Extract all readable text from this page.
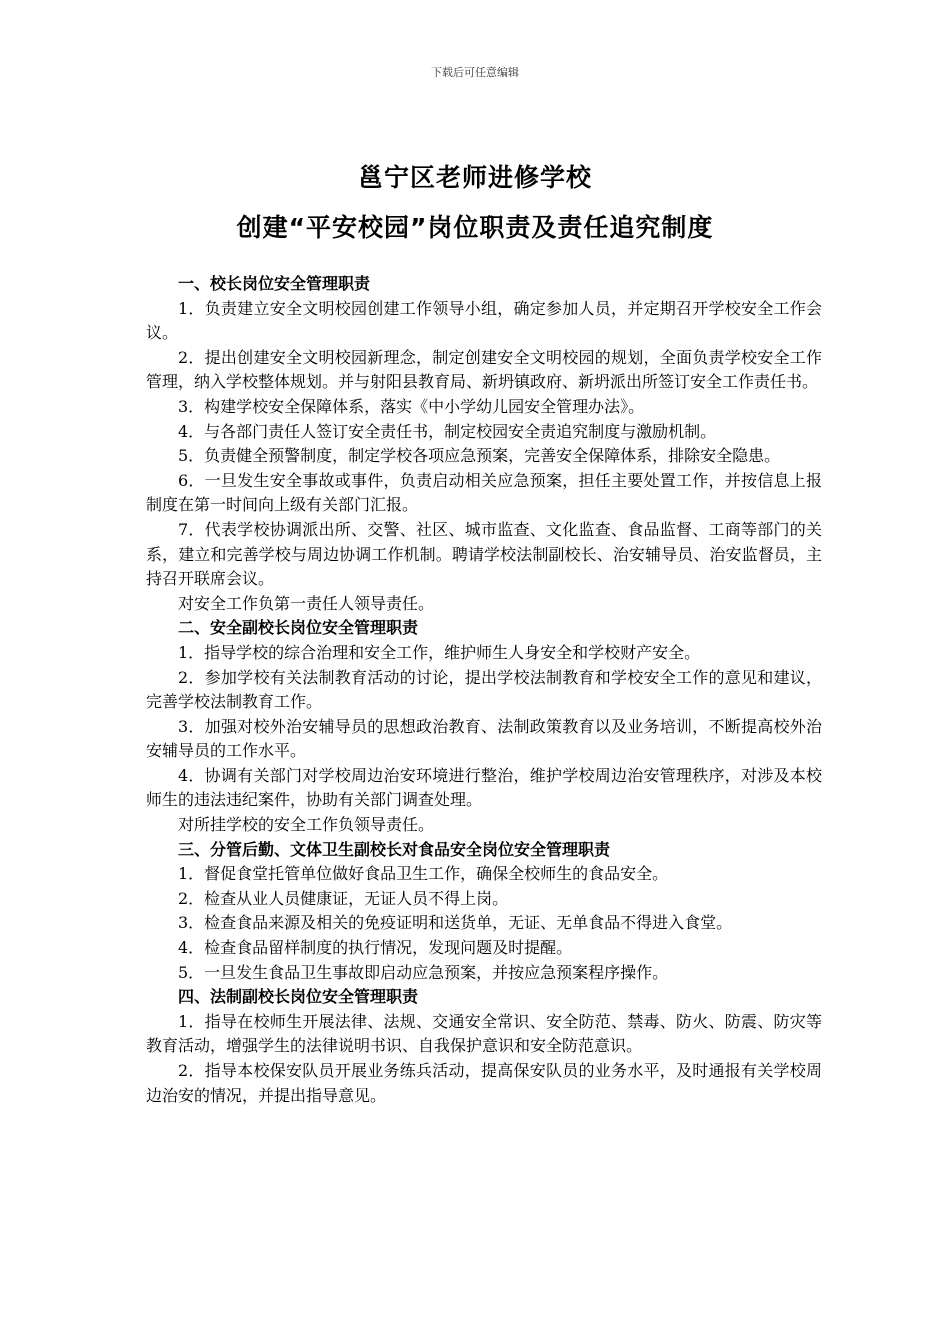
下载后可任意编辑
邕宁区老师进修学校
创建“平安校园”岗位职责及责任追究制度

一、校长岗位安全管理职责

1．负责建立安全文明校园创建工作领导小组，确定参加人员，并定期召开学校安全工作会议。

2．提出创建安全文明校园新理念，制定创建安全文明校园的规划，全面负责学校安全工作管理，纳入学校整体规划。并与射阳县教育局、新坍镇政府、新坍派出所签订安全工作责任书。

3．构建学校安全保障体系，落实《中小学幼儿园安全管理办法》。

4．与各部门责任人签订安全责任书，制定校园安全责追究制度与激励机制。

5．负责健全预警制度，制定学校各项应急预案，完善安全保障体系，排除安全隐患。

6．一旦发生安全事故或事件，负责启动相关应急预案，担任主要处置工作，并按信息上报制度在第一时间向上级有关部门汇报。

7．代表学校协调派出所、交警、社区、城市监查、文化监查、食品监督、工商等部门的关系，建立和完善学校与周边协调工作机制。聘请学校法制副校长、治安辅导员、治安监督员，主持召开联席会议。

对安全工作负第一责任人领导责任。

二、安全副校长岗位安全管理职责

1．指导学校的综合治理和安全工作，维护师生人身安全和学校财产安全。

2．参加学校有关法制教育活动的讨论，提出学校法制教育和学校安全工作的意见和建议，完善学校法制教育工作。

3．加强对校外治安辅导员的思想政治教育、法制政策教育以及业务培训，不断提高校外治安辅导员的工作水平。

4．协调有关部门对学校周边治安环境进行整治，维护学校周边治安管理秩序，对涉及本校师生的违法违纪案件，协助有关部门调查处理。

对所挂学校的安全工作负领导责任。

三、分管后勤、文体卫生副校长对食品安全岗位安全管理职责

1．督促食堂托管单位做好食品卫生工作，确保全校师生的食品安全。

2．检查从业人员健康证，无证人员不得上岗。

3．检查食品来源及相关的免疫证明和送货单，无证、无单食品不得进入食堂。

4．检查食品留样制度的执行情况，发现问题及时提醒。

5．一旦发生食品卫生事故即启动应急预案，并按应急预案程序操作。

四、法制副校长岗位安全管理职责

1．指导在校师生开展法律、法规、交通安全常识、安全防范、禁毒、防火、防震、防灾等教育活动，增强学生的法律说明书识、自我保护意识和安全防范意识。

2．指导本校保安队员开展业务练兵活动，提高保安队员的业务水平，及时通报有关学校周边治安的情况，并提出指导意见。
